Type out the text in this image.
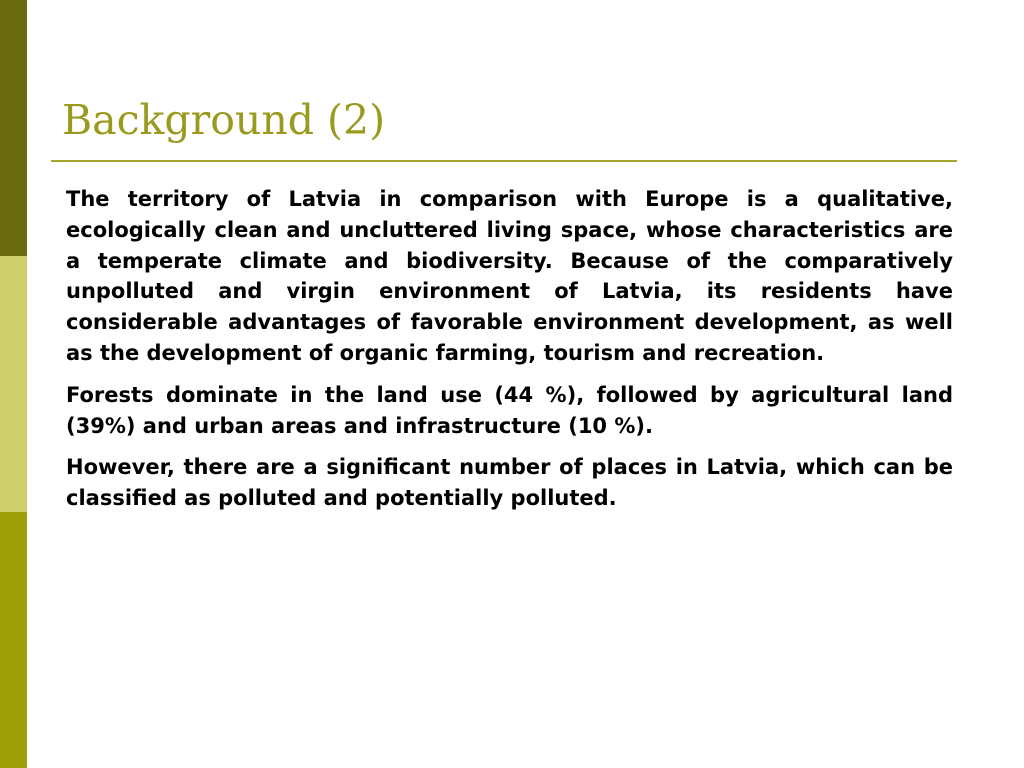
Background (2)

The territory of Latvia in comparison with Europe is a qualitative, ecologically clean and uncluttered living space, whose characteristics are a temperate climate and biodiversity. Because of the comparatively unpolluted and virgin environment of Latvia, its residents have considerable advantages of favorable environment development, as well as the development of organic farming, tourism and recreation.

Forests dominate in the land use (44 %), followed by agricultural land (39%) and urban areas and infrastructure (10 %).

However, there are a significant number of places in Latvia, which can be classified as polluted and potentially polluted.
